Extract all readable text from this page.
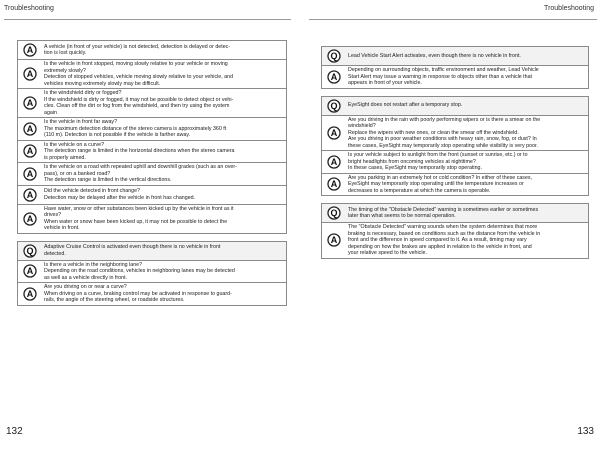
Troubleshooting	Troubleshooting
A	A vehicle (in front of your vehicle) is not detected, detection is delayed or detec-
tion is lost quickly.
A
Is the vehicle in front stopped, moving slowly relative to your vehicle or moving
extremely slowly?
Detection of stopped vehicles, vehicle moving slowly relative to your vehicle, and
vehicles moving extremely slowly may be difficult.
A
Is the windshield dirty or fogged?
If the windshield is dirty or fogged, it may not be possible to detect object or vehi-
cles. Clean off the dirt or fog from the windshield, and then try using the system
again
A
Is the vehicle in front far away?
The maximum detection distance of the stereo camera is approximately 360 ft
(110 m). Detection is not possible if the vehicle is farther away.
A
Is the vehicle on a curve?
The detection range is limited in the horizontal directions when the stereo camera
is properly aimed.
A
Is the vehicle on a road with repeated uphill and downhill grades (such as an over-
pass), or on a banked road?
The detection range is limited in the vertical directions.
A	Did the vehicle detected in front change?
Detection may be delayed after the vehicle in front has changed.
A
Have water, snow or other substances been kicked up by the vehicle in front as it
drives?
When water or snow have been kicked up, it may not be possible to detect the
vehicle in front.
Q	Adaptive Cruise Control is activated even though there is no vehicle in front
detected.
A
Is there a vehicle in the neighboring lane?
Depending on the road conditions, vehicles in neighboring lanes may be detected
as well as a vehicle directly in front.
A
Are you driving on or near a curve?
When driving on a curve, braking control may be activated in response to guard-
rails, the angle of the steering wheel, or roadside structures.
Q	Lead Vehicle Start Alert activates, even though there is no vehicle in front.
A
Depending on surrounding objects, traffic environment and weather, Lead Vehicle
Start Alert may issue a warning in response to objects other than a vehicle that
appears in front of your vehicle.
Q	EyeSight does not restart after a temporary stop.
A
Are you driving in the rain with poorly performing wipers or is there a smear on the
windshield?
Replace the wipers with new ones, or clean the smear off the windshield.
Are you driving in poor weather conditions with heavy rain, snow, fog, or dust? In
these cases, EyeSight may temporarily stop operating while visibility is very poor.
A
Is your vehicle subject to sunlight from the front (sunset or sunrise, etc.) or to
bright headlights from oncoming vehicles at nighttime?
In these cases, EyeSight may temporarily stop operating.
A
Are you parking in an extremely hot or cold condition? In either of these cases,
EyeSight may temporarily stop operating until the temperature increases or
decreases to a temperature at which the camera is operable.
Q	The timing of the "Obstacle Detected" warning is sometimes earlier or sometimes
later than what seems to be normal operation.
A
The "Obstacle Detected" warning sounds when the system determines that more
braking is necessary, based on conditions such as the distance from the vehicle in
front and the difference in speed compared to it. As a result, timing may vary
depending on how the brakes are applied in relation to the vehicle in front, and
your relative speed to the vehicle.
132	133
